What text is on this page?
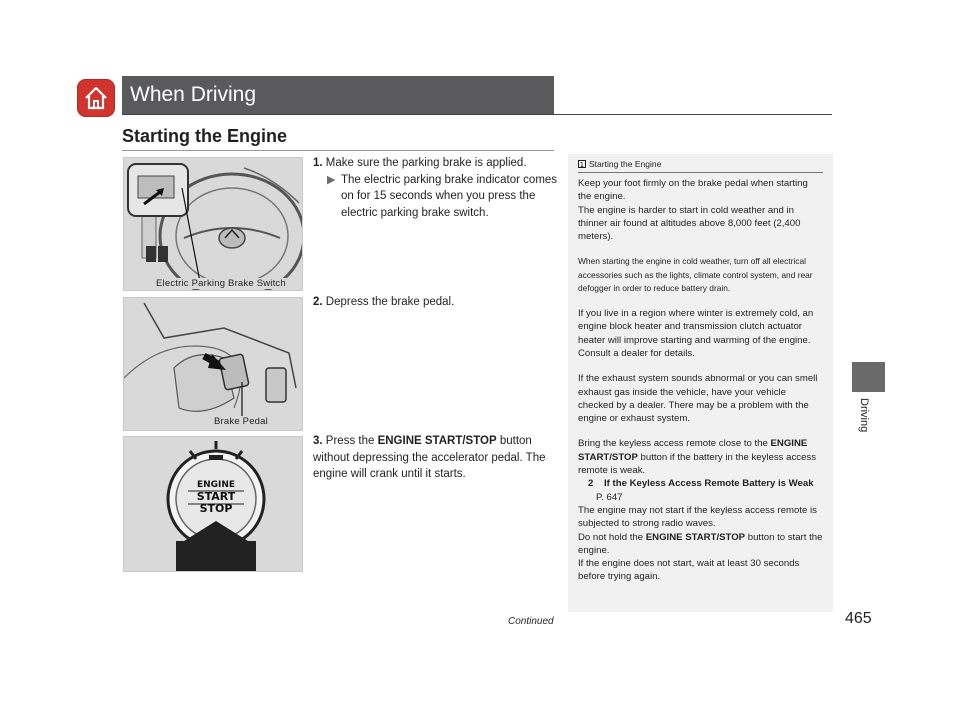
When Driving
Starting the Engine
Electric Parking Brake Switch
Brake Pedal
ENGINE
START
STOP
1. Make sure the parking brake is applied.
▶ The electric parking brake indicator comes on for 15 seconds when you press the electric parking brake switch.
2. Depress the brake pedal.
3. Press the ENGINE START/STOP button without depressing the accelerator pedal. The engine will crank until it starts.
1 Starting the Engine

Keep your foot firmly on the brake pedal when starting the engine.

The engine is harder to start in cold weather and in thinner air found at altitudes above 8,000 feet (2,400 meters).

When starting the engine in cold weather, turn off all electrical accessories such as the lights, climate control system, and rear defogger in order to reduce battery drain.

If you live in a region where winter is extremely cold, an engine block heater and transmission clutch actuator heater will improve starting and warming of the engine. Consult a dealer for details.

If the exhaust system sounds abnormal or you can smell exhaust gas inside the vehicle, have your vehicle checked by a dealer. There may be a problem with the engine or exhaust system.

Bring the keyless access remote close to the ENGINE START/STOP button if the battery in the keyless access remote is weak.

2 If the Keyless Access Remote Battery is Weak P. 647

The engine may not start if the keyless access remote is subjected to strong radio waves.

Do not hold the ENGINE START/STOP button to start the engine.

If the engine does not start, wait at least 30 seconds before trying again.

Driving
Continued	465
